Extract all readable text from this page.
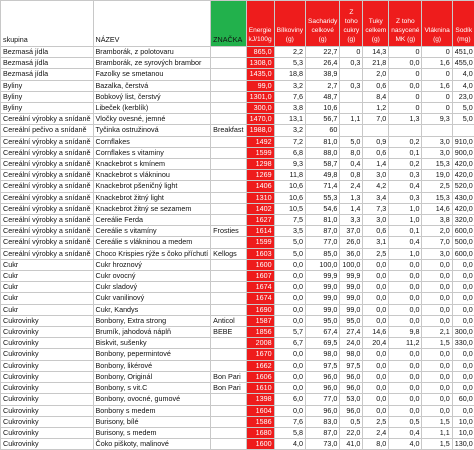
skupina	NÁZEV	ZNAČKA	Energie kJ/100g	Bílkoviny (g)	Sacharidy celkové (g)	Z toho cukry (g)	Tuky celkem (g)	Z toho nasycené MK (g)	Vláknina (g)	Sodík (mg)
Bezmasá jídla	Bramborák, z polotovaru		865,0	2,2	22,7	0	14,3	0	0	451,0
Bezmasá jídla	Bramborák, ze syrových brambor		1308,0	5,3	26,4	0,3	21,8	0,0	1,6	455,0
Bezmasá jídla	Fazolky se smetanou		1435,0	18,8	38,9		2,0	0	0	4,0
Byliny	Bazalka, čerstvá		99,0	3,2	2,7	0,3	0,6	0,0	1,6	4,0
Byliny	Bobkový list, čerstvý		1301,0	7,6	48,7		8,4	0	0	23,0
Byliny	Libeček (kerblík)		300,0	3,8	10,6		1,2	0	0	5,0
Cereální výrobky a snídaně	Vločky ovesné, jemné		1470,0	13,1	56,7	1,1	7,0	1,3	9,3	5,0
Cereální pečivo a snídaně	Tyčinka ostružinová	Breakfast	1988,0	3,2	60					
Cereální výrobky a snídaně	Cornflakes		1492	7,2	81,0	5,0	0,9	0,2	3,0	910,0
Cereální výrobky a snídaně	Cornflakes s vitaminy		1599	6,8	88,0	8,0	0,6	0,1	3,0	900,0
Cereální výrobky a snídaně	Knackebrot s kmínem		1298	9,3	58,7	0,4	1,4	0,2	15,3	420,0
Cereální výrobky a snídaně	Knackebrot s vlákninou		1269	11,8	49,8	0,8	3,0	0,3	19,0	420,0
Cereální výrobky a snídaně	Knackebrot pšeničný light		1406	10,6	71,4	2,4	4,2	0,4	2,5	520,0
Cereální výrobky a snídaně	Knackebrot žitný light		1310	10,6	55,3	1,3	3,4	0,3	15,3	430,0
Cereální výrobky a snídaně	Knackebrot žitný se sezamem		1402	10,5	54,6	1,4	7,3	1,0	14,6	420,0
Cereální výrobky a snídaně	Cereálie Ferda		1627	7,5	81,0	3,3	3,0	1,0	3,8	320,0
Cereální výrobky a snídaně	Cereálie s vitamíny	Frosties	1614	3,5	87,0	37,0	0,6	0,1	2,0	600,0
Cereální výrobky a snídaně	Cereálie s vlákninou a medem		1599	5,0	77,0	26,0	3,1	0,4	7,0	500,0
Cereální výrobky a snídaně	Choco Krispies rýže s čoko příchutí	Kellogs	1603	5,0	85,0	36,0	2,5	1,0	3,0	600,0
Cukr	Cukr hroznový		1600	0,0	100,0	100,0	0,0	0,0	0,0	0,0
Cukr	Cukr ovocný		1607	0,0	99,9	99,9	0,0	0,0	0,0	0,0
Cukr	Cukr sladový		1674	0,0	99,0	99,0	0,0	0,0	0,0	0,0
Cukr	Cukr vanilinový		1674	0,0	99,0	99,0	0,0	0,0	0,0	0,0
Cukr	Cukr, Kandys		1690	0,0	99,0	99,0	0,0	0,0	0,0	0,0
Cukrovinky	Bonbony, Extra strong	Anticol	1587	0,0	95,0	95,0	0,0	0,0	0,0	0,0
Cukrovinky	Brumík, jahodová náplň	BEBE	1856	5,7	67,4	27,4	14,6	9,8	2,1	300,0
Cukrovinky	Biskvit, sušenky		2008	6,7	69,5	24,0	20,4	11,2	1,5	330,0
Cukrovinky	Bonbony, pepermintové		1670	0,0	98,0	98,0	0,0	0,0	0,0	0,0
Cukrovinky	Bonbony, likérové		1662	0,0	97,5	97,5	0,0	0,0	0,0	0,0
Cukrovinky	Bonbony, Originál	Bon Pari	1606	0,0	96,0	96,0	0,0	0,0	0,0	0,0
Cukrovinky	Bonbony, s vit.C	Bon Pari	1610	0,0	96,0	96,0	0,0	0,0	0,0	0,0
Cukrovinky	Bonbony, ovocné, gumové		1398	6,0	77,0	53,0	0,0	0,0	0,0	60,0
Cukrovinky	Bonbony s medem		1604	0,0	96,0	96,0	0,0	0,0	0,0	0,0
Cukrovinky	Burisony, bílé		1586	7,6	83,0	0,5	2,5	0,5	1,5	10,0
Cukrovinky	Burisony, s medem		1680	5,8	87,0	22,0	2,4	0,4	1,1	10,0
Cukrovinky	Čoko piškoty, malinové		1600	4,0	73,0	41,0	8,0	4,0	1,5	130,0
